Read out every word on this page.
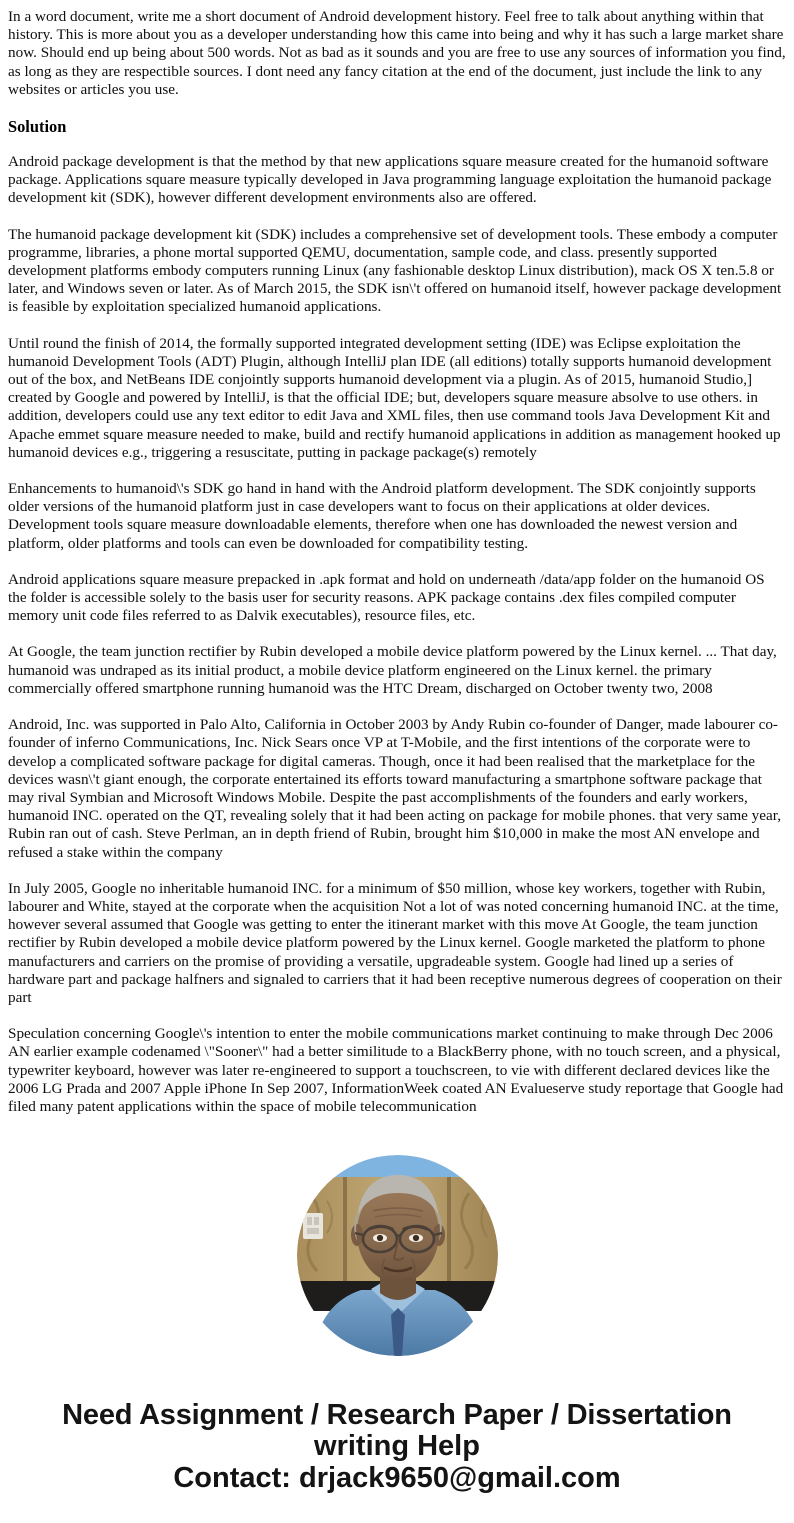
In a word document, write me a short document of Android development history. Feel free to talk about anything within that history. This is more about you as a developer understanding how this came into being and why it has such a large market share now. Should end up being about 500 words. Not as bad as it sounds and you are free to use any sources of information you find, as long as they are respectible sources. I dont need any fancy citation at the end of the document, just include the link to any websites or articles you use.

Solution

Android package development is that the method by that new applications square measure created for the humanoid software package. Applications square measure typically developed in Java programming language exploitation the humanoid package development kit (SDK), however different development environments also are offered.

The humanoid package development kit (SDK) includes a comprehensive set of development tools. These embody a computer programme, libraries, a phone mortal supported QEMU, documentation, sample code, and class. presently supported development platforms embody computers running Linux (any fashionable desktop Linux distribution), mack OS X ten.5.8 or later, and Windows seven or later. As of March 2015, the SDK isn\'t offered on humanoid itself, however package development is feasible by exploitation specialized humanoid applications.

Until round the finish of 2014, the formally supported integrated development setting (IDE) was Eclipse exploitation the humanoid Development Tools (ADT) Plugin, although IntelliJ plan IDE (all editions) totally supports humanoid development out of the box, and NetBeans IDE conjointly supports humanoid development via a plugin. As of 2015, humanoid Studio,] created by Google and powered by IntelliJ, is that the official IDE; but, developers square measure absolve to use others. in addition, developers could use any text editor to edit Java and XML files, then use command tools Java Development Kit and Apache emmet square measure needed to make, build and rectify humanoid applications in addition as management hooked up humanoid devices e.g., triggering a resuscitate, putting in package package(s) remotely

Enhancements to humanoid\'s SDK go hand in hand with the Android platform development. The SDK conjointly supports older versions of the humanoid platform just in case developers want to focus on their applications at older devices. Development tools square measure downloadable elements, therefore when one has downloaded the newest version and platform, older platforms and tools can even be downloaded for compatibility testing.

Android applications square measure prepacked in .apk format and hold on underneath /data/app folder on the humanoid OS the folder is accessible solely to the basis user for security reasons. APK package contains .dex files compiled computer memory unit code files referred to as Dalvik executables), resource files, etc.

At Google, the team junction rectifier by Rubin developed a mobile device platform powered by the Linux kernel. ... That day, humanoid was undraped as its initial product, a mobile device platform engineered on the Linux kernel. the primary commercially offered smartphone running humanoid was the HTC Dream, discharged on October twenty two, 2008

Android, Inc. was supported in Palo Alto, California in October 2003 by Andy Rubin co-founder of Danger, made labourer co-founder of inferno Communications, Inc. Nick Sears once VP at T-Mobile, and the first intentions of the corporate were to develop a complicated software package for digital cameras. Though, once it had been realised that the marketplace for the devices wasn\'t giant enough, the corporate entertained its efforts toward manufacturing a smartphone software package that may rival Symbian and Microsoft Windows Mobile. Despite the past accomplishments of the founders and early workers, humanoid INC. operated on the QT, revealing solely that it had been acting on package for mobile phones. that very same year, Rubin ran out of cash. Steve Perlman, an in depth friend of Rubin, brought him $10,000 in make the most AN envelope and refused a stake within the company

In July 2005, Google no inheritable humanoid INC. for a minimum of $50 million, whose key workers, together with Rubin, labourer and White, stayed at the corporate when the acquisition Not a lot of was noted concerning humanoid INC. at the time, however several assumed that Google was getting to enter the itinerant market with this move At Google, the team junction rectifier by Rubin developed a mobile device platform powered by the Linux kernel. Google marketed the platform to phone manufacturers and carriers on the promise of providing a versatile, upgradeable system. Google had lined up a series of hardware part and package halfners and signaled to carriers that it had been receptive numerous degrees of cooperation on their part

Speculation concerning Google\'s intention to enter the mobile communications market continuing to make through Dec 2006 AN earlier example codenamed \"Sooner\" had a better similitude to a BlackBerry phone, with no touch screen, and a physical, typewriter keyboard, however was later re-engineered to support a touchscreen, to vie with different declared devices like the 2006 LG Prada and 2007 Apple iPhone In Sep 2007, InformationWeek coated AN Evalueserve study reportage that Google had filed many patent applications within the space of mobile telecommunication

Need Assignment / Research Paper / Dissertation
writing Help
Contact: drjack9650@gmail.com
